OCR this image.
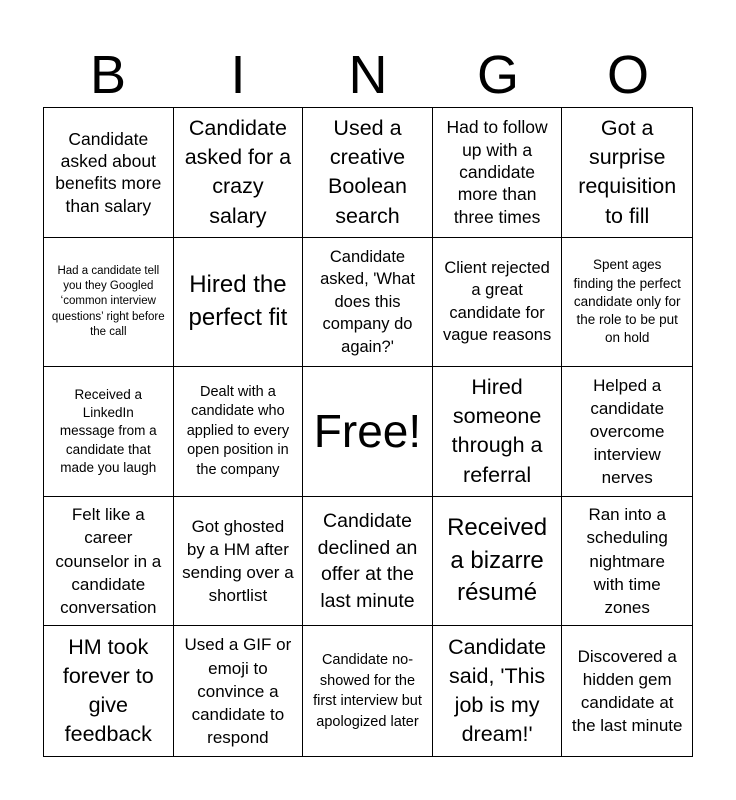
B	I	N	G	O
Candidate asked about benefits more than salary
Candidate asked for a crazy salary
Used a creative Boolean search
Had to follow up with a candidate more than three times
Got a surprise requisition to fill
Had a candidate tell you they Googled ‘common interview questions’ right before the call
Hired the perfect fit
Candidate asked, 'What does this company do again?'
Client rejected a great candidate for vague reasons
Spent ages finding the perfect candidate only for the role to be put on hold
Received a LinkedIn message from a candidate that made you laugh
Dealt with a candidate who applied to every open position in the company
Free!
Hired someone through a referral
Helped a candidate overcome interview nerves
Felt like a career counselor in a candidate conversation
Got ghosted by a HM after sending over a shortlist
Candidate declined an offer at the last minute
Received a bizarre résumé
Ran into a scheduling nightmare with time zones
HM took forever to give feedback
Used a GIF or emoji to convince a candidate to respond
Candidate no-showed for the first interview but apologized later
Candidate said, 'This job is my dream!'
Discovered a hidden gem candidate at the last minute
